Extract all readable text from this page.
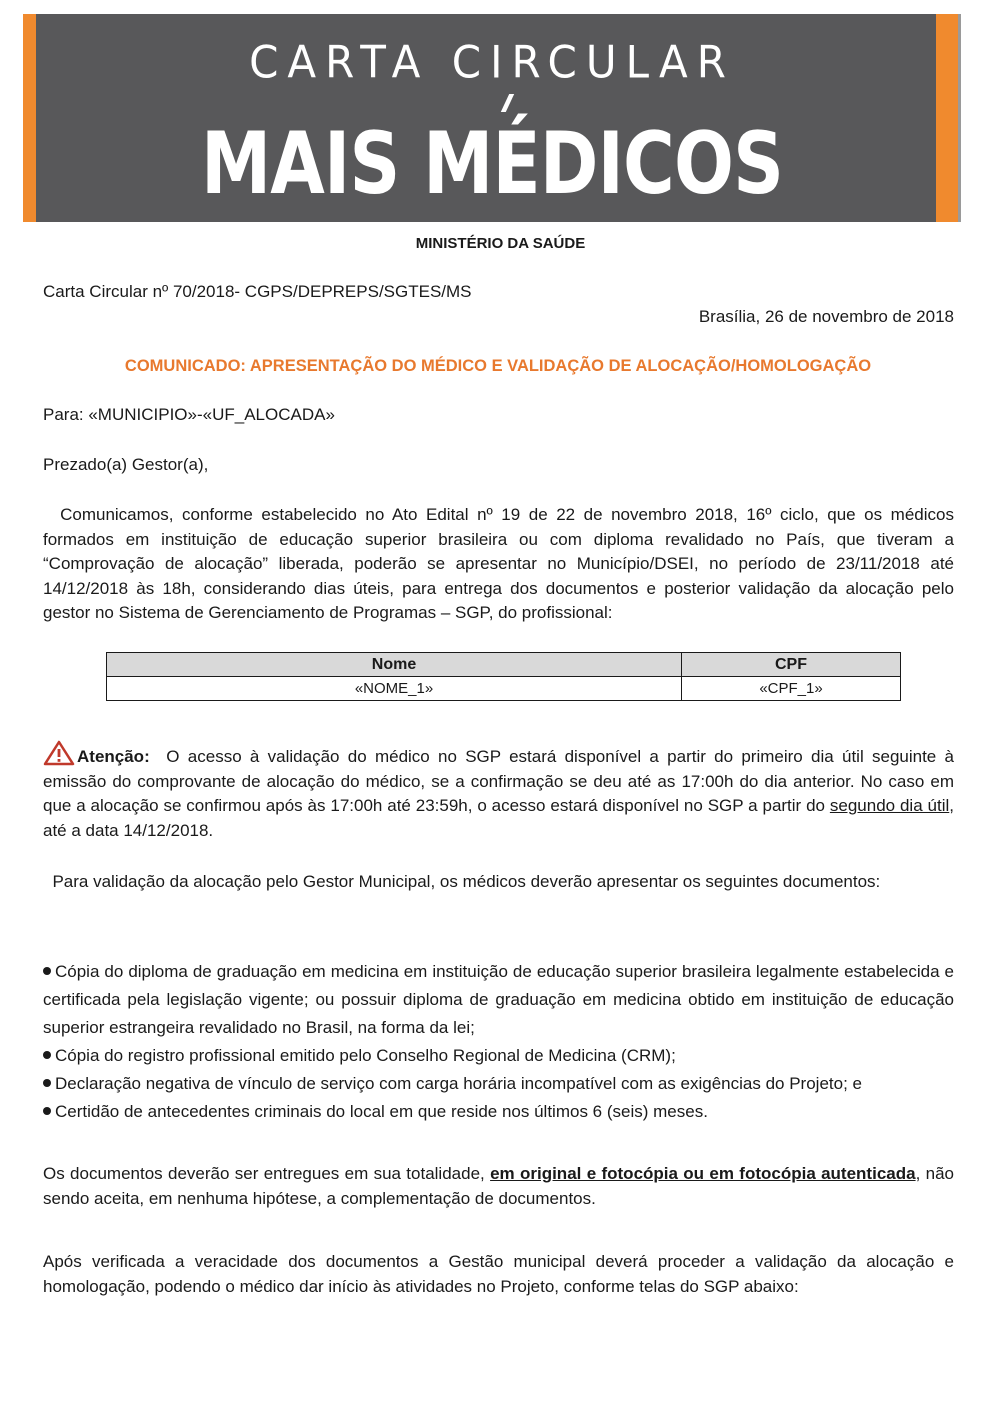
CARTA CIRCULAR
MAIS MÉDICOS
MINISTÉRIO DA SAÚDE
Carta Circular nº 70/2018- CGPS/DEPREPS/SGTES/MS
Brasília, 26 de novembro de 2018
COMUNICADO: APRESENTAÇÃO DO MÉDICO E VALIDAÇÃO DE ALOCAÇÃO/HOMOLOGAÇÃO
Para: «MUNICIPIO»-«UF_ALOCADA»
Prezado(a) Gestor(a),
Comunicamos, conforme estabelecido no Ato Edital nº 19 de 22 de novembro 2018, 16º ciclo, que os médicos formados em instituição de educação superior brasileira ou com diploma revalidado no País, que tiveram a “Comprovação de alocação” liberada, poderão se apresentar no Município/DSEI, no período de 23/11/2018 até 14/12/2018 às 18h, considerando dias úteis, para entrega dos documentos e posterior validação da alocação pelo gestor no Sistema de Gerenciamento de Programas – SGP, do profissional:
Nome	CPF
«NOME_1»	«CPF_1»
Atenção: O acesso à validação do médico no SGP estará disponível a partir do primeiro dia útil seguinte à emissão do comprovante de alocação do médico, se a confirmação se deu até as 17:00h do dia anterior. No caso em que a alocação se confirmou após às 17:00h até 23:59h, o acesso estará disponível no SGP a partir do segundo dia útil, até a data 14/12/2018.
Para validação da alocação pelo Gestor Municipal, os médicos deverão apresentar os seguintes documentos:
Cópia do diploma de graduação em medicina em instituição de educação superior brasileira legalmente estabelecida e certificada pela legislação vigente; ou possuir diploma de graduação em medicina obtido em instituição de educação superior estrangeira revalidado no Brasil, na forma da lei;
Cópia do registro profissional emitido pelo Conselho Regional de Medicina (CRM);
Declaração negativa de vínculo de serviço com carga horária incompatível com as exigências do Projeto; e
Certidão de antecedentes criminais do local em que reside nos últimos 6 (seis) meses.
Os documentos deverão ser entregues em sua totalidade, em original e fotocópia ou em fotocópia autenticada, não sendo aceita, em nenhuma hipótese, a complementação de documentos.
Após verificada a veracidade dos documentos a Gestão municipal deverá proceder a validação da alocação e homologação, podendo o médico dar início às atividades no Projeto, conforme telas do SGP abaixo:
